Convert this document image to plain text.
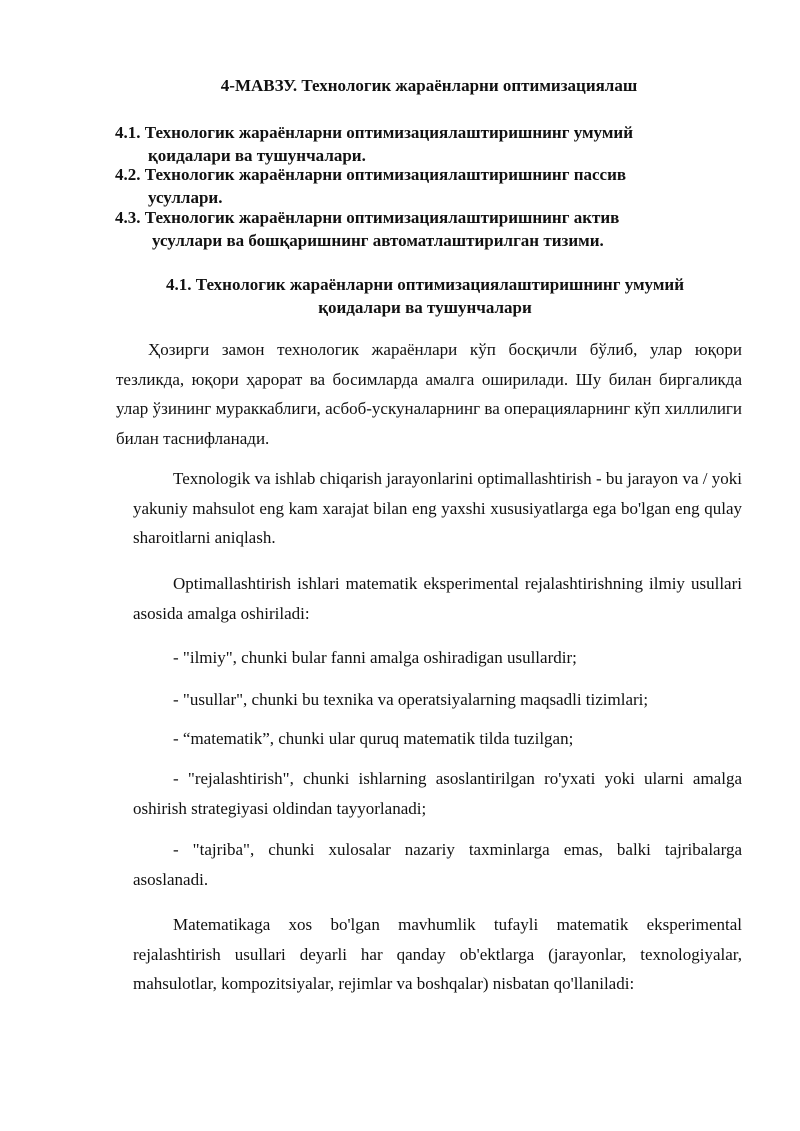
4-МАВЗУ. Технологик жараёнларни оптимизациялаш
4.1. Технологик жараёнларни оптимизациялаштиришнинг умумий
қоидалари ва тушунчалари.
4.2. Технологик жараёнларни оптимизациялаштиришнинг пассив
усуллари.
4.3. Технологик жараёнларни оптимизациялаштиришнинг актив
усуллари ва бошқаришнинг автоматлаштирилган тизими.
4.1. Технологик жараёнларни оптимизациялаштиришнинг умумий
қоидалари ва тушунчалари
Ҳозирги замон технологик жараёнлари кўп босқичли бўлиб, улар юқори тезликда, юқори ҳарорат ва босимларда амалга оширилади. Шу билан биргаликда улар ўзининг мураккаблиги, асбоб-ускуналарнинг ва операцияларнинг кўп хиллилиги билан таснифланади.
Texnologik va ishlab chiqarish jarayonlarini optimallashtirish - bu jarayon va / yoki yakuniy mahsulot eng kam xarajat bilan eng yaxshi xususiyatlarga ega bo'lgan eng qulay sharoitlarni aniqlash.
Optimallashtirish ishlari matematik eksperimental rejalashtirishning ilmiy usullari asosida amalga oshiriladi:
- "ilmiy", chunki bular fanni amalga oshiradigan usullardir;
- "usullar", chunki bu texnika va operatsiyalarning maqsadli tizimlari;
- “matematik”, chunki ular quruq matematik tilda tuzilgan;
- "rejalashtirish", chunki ishlarning asoslantirilgan ro'yxati yoki ularni amalga oshirish strategiyasi oldindan tayyorlanadi;
- "tajriba", chunki xulosalar nazariy taxminlarga emas, balki tajribalarga asoslanadi.
Matematikaga xos bo'lgan mavhumlik tufayli matematik eksperimental rejalashtirish usullari deyarli har qanday ob'ektlarga (jarayonlar, texnologiyalar, mahsulotlar, kompozitsiyalar, rejimlar va boshqalar) nisbatan qo'llaniladi:
